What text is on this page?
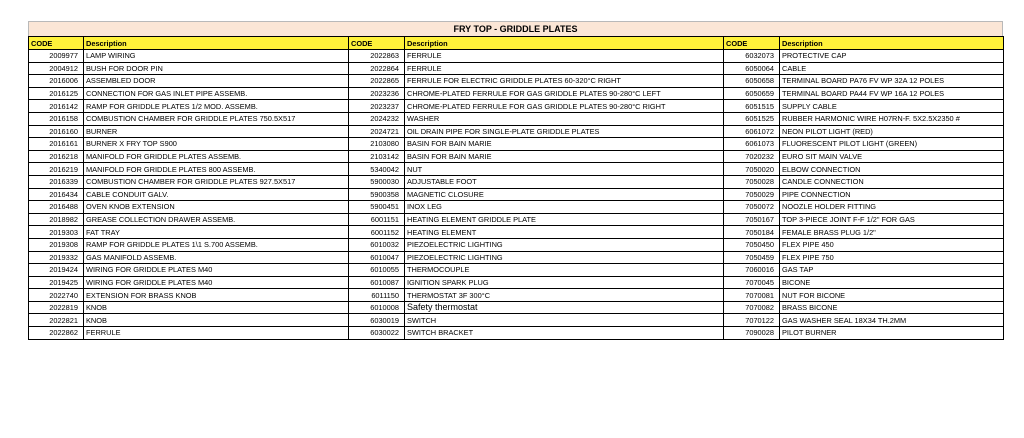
FRY TOP - GRIDDLE PLATES
CODE	Description	CODE	Description	CODE	Description
2009977	LAMP WIRING	2022863	FERRULE	6032073	PROTECTIVE CAP
2004912	BUSH FOR DOOR PIN	2022864	FERRULE	6050064	CABLE
2016006	ASSEMBLED DOOR	2022865	FERRULE FOR ELECTRIC GRIDDLE PLATES 60-320°C RIGHT	6050658	TERMINAL BOARD PA76 FV WP 32A 12 POLES
2016125	CONNECTION FOR GAS INLET PIPE ASSEMB.	2023236	CHROME-PLATED FERRULE FOR GAS GRIDDLE PLATES 90-280°C LEFT	6050659	TERMINAL BOARD PA44 FV WP 16A 12 POLES
2016142	RAMP FOR GRIDDLE PLATES 1/2 MOD. ASSEMB.	2023237	CHROME-PLATED FERRULE FOR GAS GRIDDLE PLATES 90-280°C RIGHT	6051515	SUPPLY CABLE
2016158	COMBUSTION CHAMBER FOR GRIDDLE PLATES 750.5X517	2024232	WASHER	6051525	RUBBER HARMONIC WIRE H07RN-F. 5X2.5X2350 #
2016160	BURNER	2024721	OIL DRAIN PIPE FOR SINGLE-PLATE GRIDDLE PLATES	6061072	NEON PILOT LIGHT (RED)
2016161	BURNER X FRY TOP S900	2103080	BASIN FOR BAIN MARIE	6061073	FLUORESCENT PILOT LIGHT (GREEN)
2016218	MANIFOLD FOR GRIDDLE PLATES ASSEMB.	2103142	BASIN FOR BAIN MARIE	7020232	EURO SIT MAIN VALVE
2016219	MANIFOLD FOR GRIDDLE PLATES 800 ASSEMB.	5340042	NUT	7050020	ELBOW CONNECTION
2016339	COMBUSTION CHAMBER FOR GRIDDLE PLATES 927.5X517	5900030	ADJUSTABLE FOOT	7050028	CANDLE CONNECTION
2016434	CABLE CONDUIT GALV.	5900358	MAGNETIC CLOSURE	7050029	PIPE CONNECTION
2016488	OVEN KNOB EXTENSION	5900451	INOX LEG	7050072	NOOZLE HOLDER FITTING
2018982	GREASE COLLECTION DRAWER ASSEMB.	6001151	HEATING ELEMENT GRIDDLE PLATE	7050167	TOP 3-PIECE JOINT F-F 1/2" FOR GAS
2019303	FAT TRAY	6001152	HEATING ELEMENT	7050184	FEMALE BRASS PLUG 1/2"
2019308	RAMP FOR GRIDDLE PLATES 1\1 S.700 ASSEMB.	6010032	PIEZOELECTRIC LIGHTING	7050450	FLEX PIPE 450
2019332	GAS MANIFOLD ASSEMB.	6010047	PIEZOELECTRIC LIGHTING	7050459	FLEX PIPE 750
2019424	WIRING FOR GRIDDLE PLATES M40	6010055	THERMOCOUPLE	7060016	GAS TAP
2019425	WIRING FOR GRIDDLE PLATES M40	6010087	IGNITION SPARK PLUG	7070045	BICONE
2022740	EXTENSION FOR BRASS KNOB	6011150	THERMOSTAT 3F 300°C	7070081	NUT FOR BICONE
2022819	KNOB	6010008	Safety thermostat	7070082	BRASS BICONE
2022821	KNOB	6030019	SWITCH	7070122	GAS WASHER SEAL 18X34 TH.2MM
2022862	FERRULE	6030022	SWITCH BRACKET	7090028	PILOT BURNER
